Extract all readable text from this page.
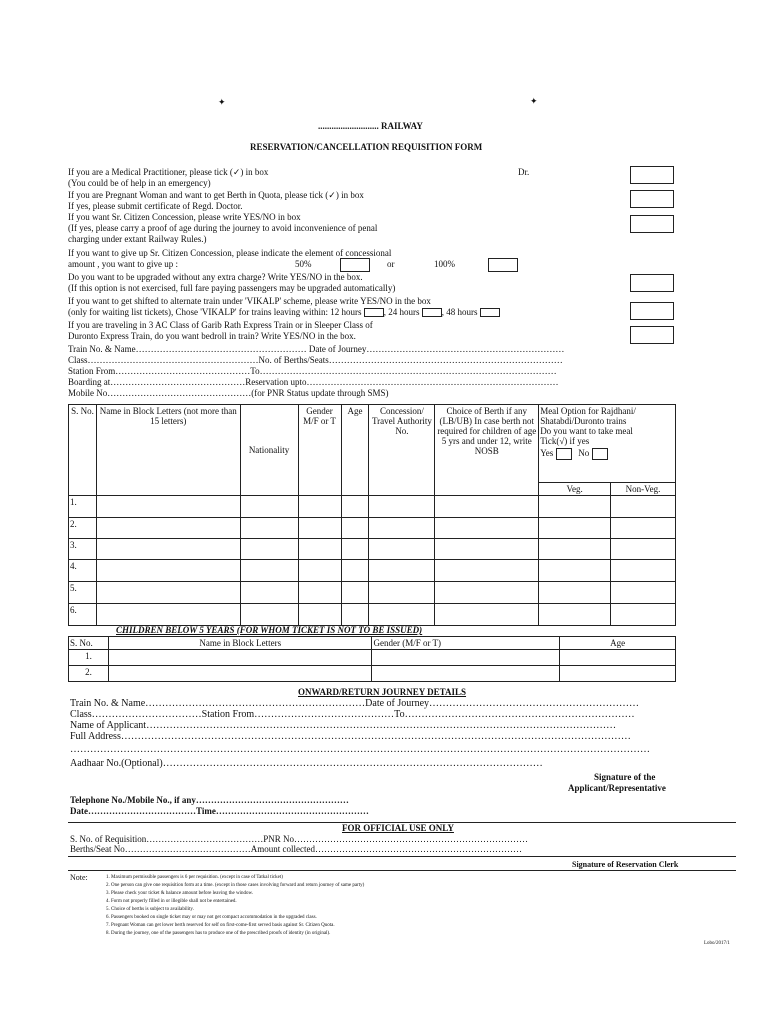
✦	✦
........................... RAILWAY
RESERVATION/CANCELLATION REQUISITION FORM
If you are a Medical Practitioner, please tick (✓) in box	Dr.
(You could be of help in an emergency)
If you are Pregnant Woman and want to get Berth in Quota, please tick (✓) in box
If yes, please submit certificate of Regd. Doctor.
If you want Sr. Citizen Concession, please write YES/NO in box
(If yes, please carry a proof of age during the journey to avoid inconvenience of penal
charging under extant Railway Rules.)
If you want to give up Sr. Citizen Concession, please indicate the element of concessional
amount , you want to give up :	50%	or	100%
Do you want to be upgraded without any extra charge? Write YES/NO in the box.
(If this option is not exercised, full fare paying passengers may be upgraded automatically)
If you want to get shifted to alternate train under 'VIKALP' scheme, please write YES/NO in the box
(only for waiting list tickets), Chose 'VIKALP' for trains leaving within: 12 hours , 24 hours , 48 hours
If you are traveling in 3 AC Class of Garib Rath Express Train or in Sleeper Class of
Duronto Express Train, do you want bedroll in train? Write YES/NO in the box.
Train No. & Name………………………………………………… Date of Journey…………………………………………………………
Class…………………………………………………No. of Berths/Seats……………………………………………………………………
Station From………………………………………To………………………………………………………………………………………
Boarding at………………………………………Reservation upto…………………………………………………………………………
Mobile No…………………………………………(for PNR Status update through SMS)
S. No.	Name in Block Letters (not more than 15 letters)	Nationality	Gender M/F or T	Age	Concession/ Travel Authority No.	Choice of Berth if any (LB/UB) In case berth not required for children of age 5 yrs and under 12, write NOSB	Meal Option for Rajdhani/
Shatabdi/Duronto trains
Do you want to take meal
Tick(√) if yes
Yes No	

							Veg.	Non-Veg.
1.								
2.								
3.								
4.								
5.								
6.								
CHILDREN BELOW 5 YEARS (FOR WHOM TICKET IS NOT TO BE ISSUED)
S. No.	Name in Block Letters	Gender (M/F or T)	Age
1.			
2.			
ONWARD/RETURN JOURNEY DETAILS
Train No. & Name…………………………………………………………Date of Journey………………………………………………………
Class……………………………Station From……………………………………To……………………………………………………………
Name of Applicant……………………………………………………………………………………………………………………………
Full Address………………………………………………………………………………………………………………………………………
…………………………………………………………………………………………………………………………………………………………
Aadhaar No.(Optional)……………………………………………………………………………………………………
Signature of the
Applicant/Representative
Telephone No./Mobile No., if any……………………………………………
Date………………………………Time……………………………………………
FOR OFFICIAL USE ONLY
S. No. of Requisition…………………………………PNR No……………………………………………………………………
Berths/Seat No……………………………………Amount collected……………………………………………………………
Signature of Reservation Clerk
Note:	1. Maximum permissible passengers is 6 per requisition. (except in case of Tatkal ticket)
2. One person can give one requisition form at a time. (except in those cases involving forward and return journey of same party)
3. Please check your ticket & balance amount before leaving the window.
4. Form not properly filled in or illegible shall not be entertained.
5. Choice of berths is subject to availability.
6. Passengers booked on single ticket may or may not get compact accommodation in the upgraded class.
7. Pregnant Woman can get lower berth reserved for self on first-come-first served basis against Sr. Citizen Quota.
8. During the journey, one of the passengers has to produce one of the prescribed proofs of identity (in original).
Lobo/2017/1
